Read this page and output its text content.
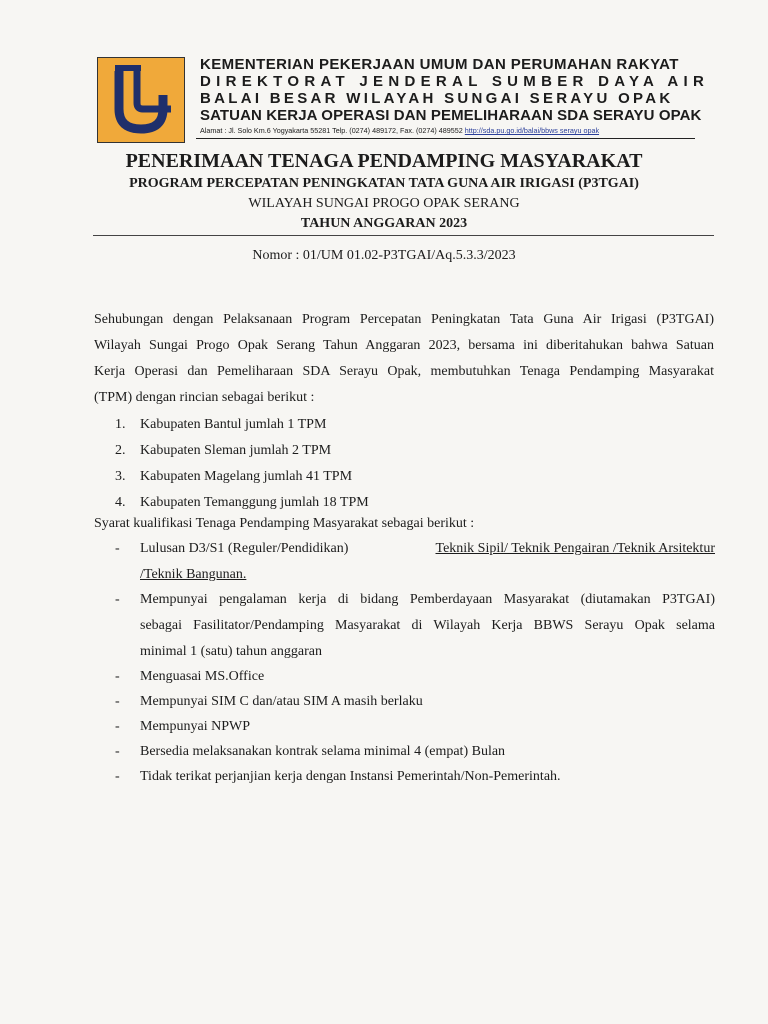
KEMENTERIAN PEKERJAAN UMUM DAN PERUMAHAN RAKYAT
DIREKTORAT JENDERAL SUMBER DAYA AIR
BALAI BESAR WILAYAH SUNGAI SERAYU OPAK
SATUAN KERJA OPERASI DAN PEMELIHARAAN SDA SERAYU OPAK
Alamat : Jl. Solo Km.6 Yogyakarta 55281 Telp. (0274) 489172, Fax. (0274) 489552 http://sda.pu.go.id/balai/bbws serayu opak
PENERIMAAN TENAGA PENDAMPING MASYARAKAT
PROGRAM PERCEPATAN PENINGKATAN TATA GUNA AIR IRIGASI (P3TGAI)
WILAYAH SUNGAI PROGO OPAK SERANG
TAHUN ANGGARAN 2023
Nomor : 01/UM 01.02-P3TGAI/Aq.5.3.3/2023
Sehubungan dengan Pelaksanaan Program Percepatan Peningkatan Tata Guna Air Irigasi (P3TGAI)
Wilayah Sungai Progo Opak Serang Tahun Anggaran 2023, bersama ini diberitahukan bahwa Satuan
Kerja Operasi dan Pemeliharaan SDA Serayu Opak, membutuhkan Tenaga Pendamping Masyarakat
(TPM) dengan rincian sebagai berikut :
1. Kabupaten Bantul jumlah 1 TPM
2. Kabupaten Sleman jumlah 2 TPM
3. Kabupaten Magelang jumlah 41 TPM
4. Kabupaten Temanggung jumlah 18 TPM
Syarat kualifikasi Tenaga Pendamping Masyarakat sebagai berikut :
- Lulusan D3/S1 (Reguler/Pendidikan)	Teknik Sipil/ Teknik Pengairan /Teknik Arsitektur
/Teknik Bangunan.
- Mempunyai pengalaman kerja di bidang Pemberdayaan Masyarakat (diutamakan P3TGAI)
sebagai Fasilitator/Pendamping Masyarakat di Wilayah Kerja BBWS Serayu Opak selama
minimal 1 (satu) tahun anggaran
- Menguasai MS.Office
- Mempunyai SIM C dan/atau SIM A masih berlaku
- Mempunyai NPWP
- Bersedia melaksanakan kontrak selama minimal 4 (empat) Bulan
- Tidak terikat perjanjian kerja dengan Instansi Pemerintah/Non-Pemerintah.
